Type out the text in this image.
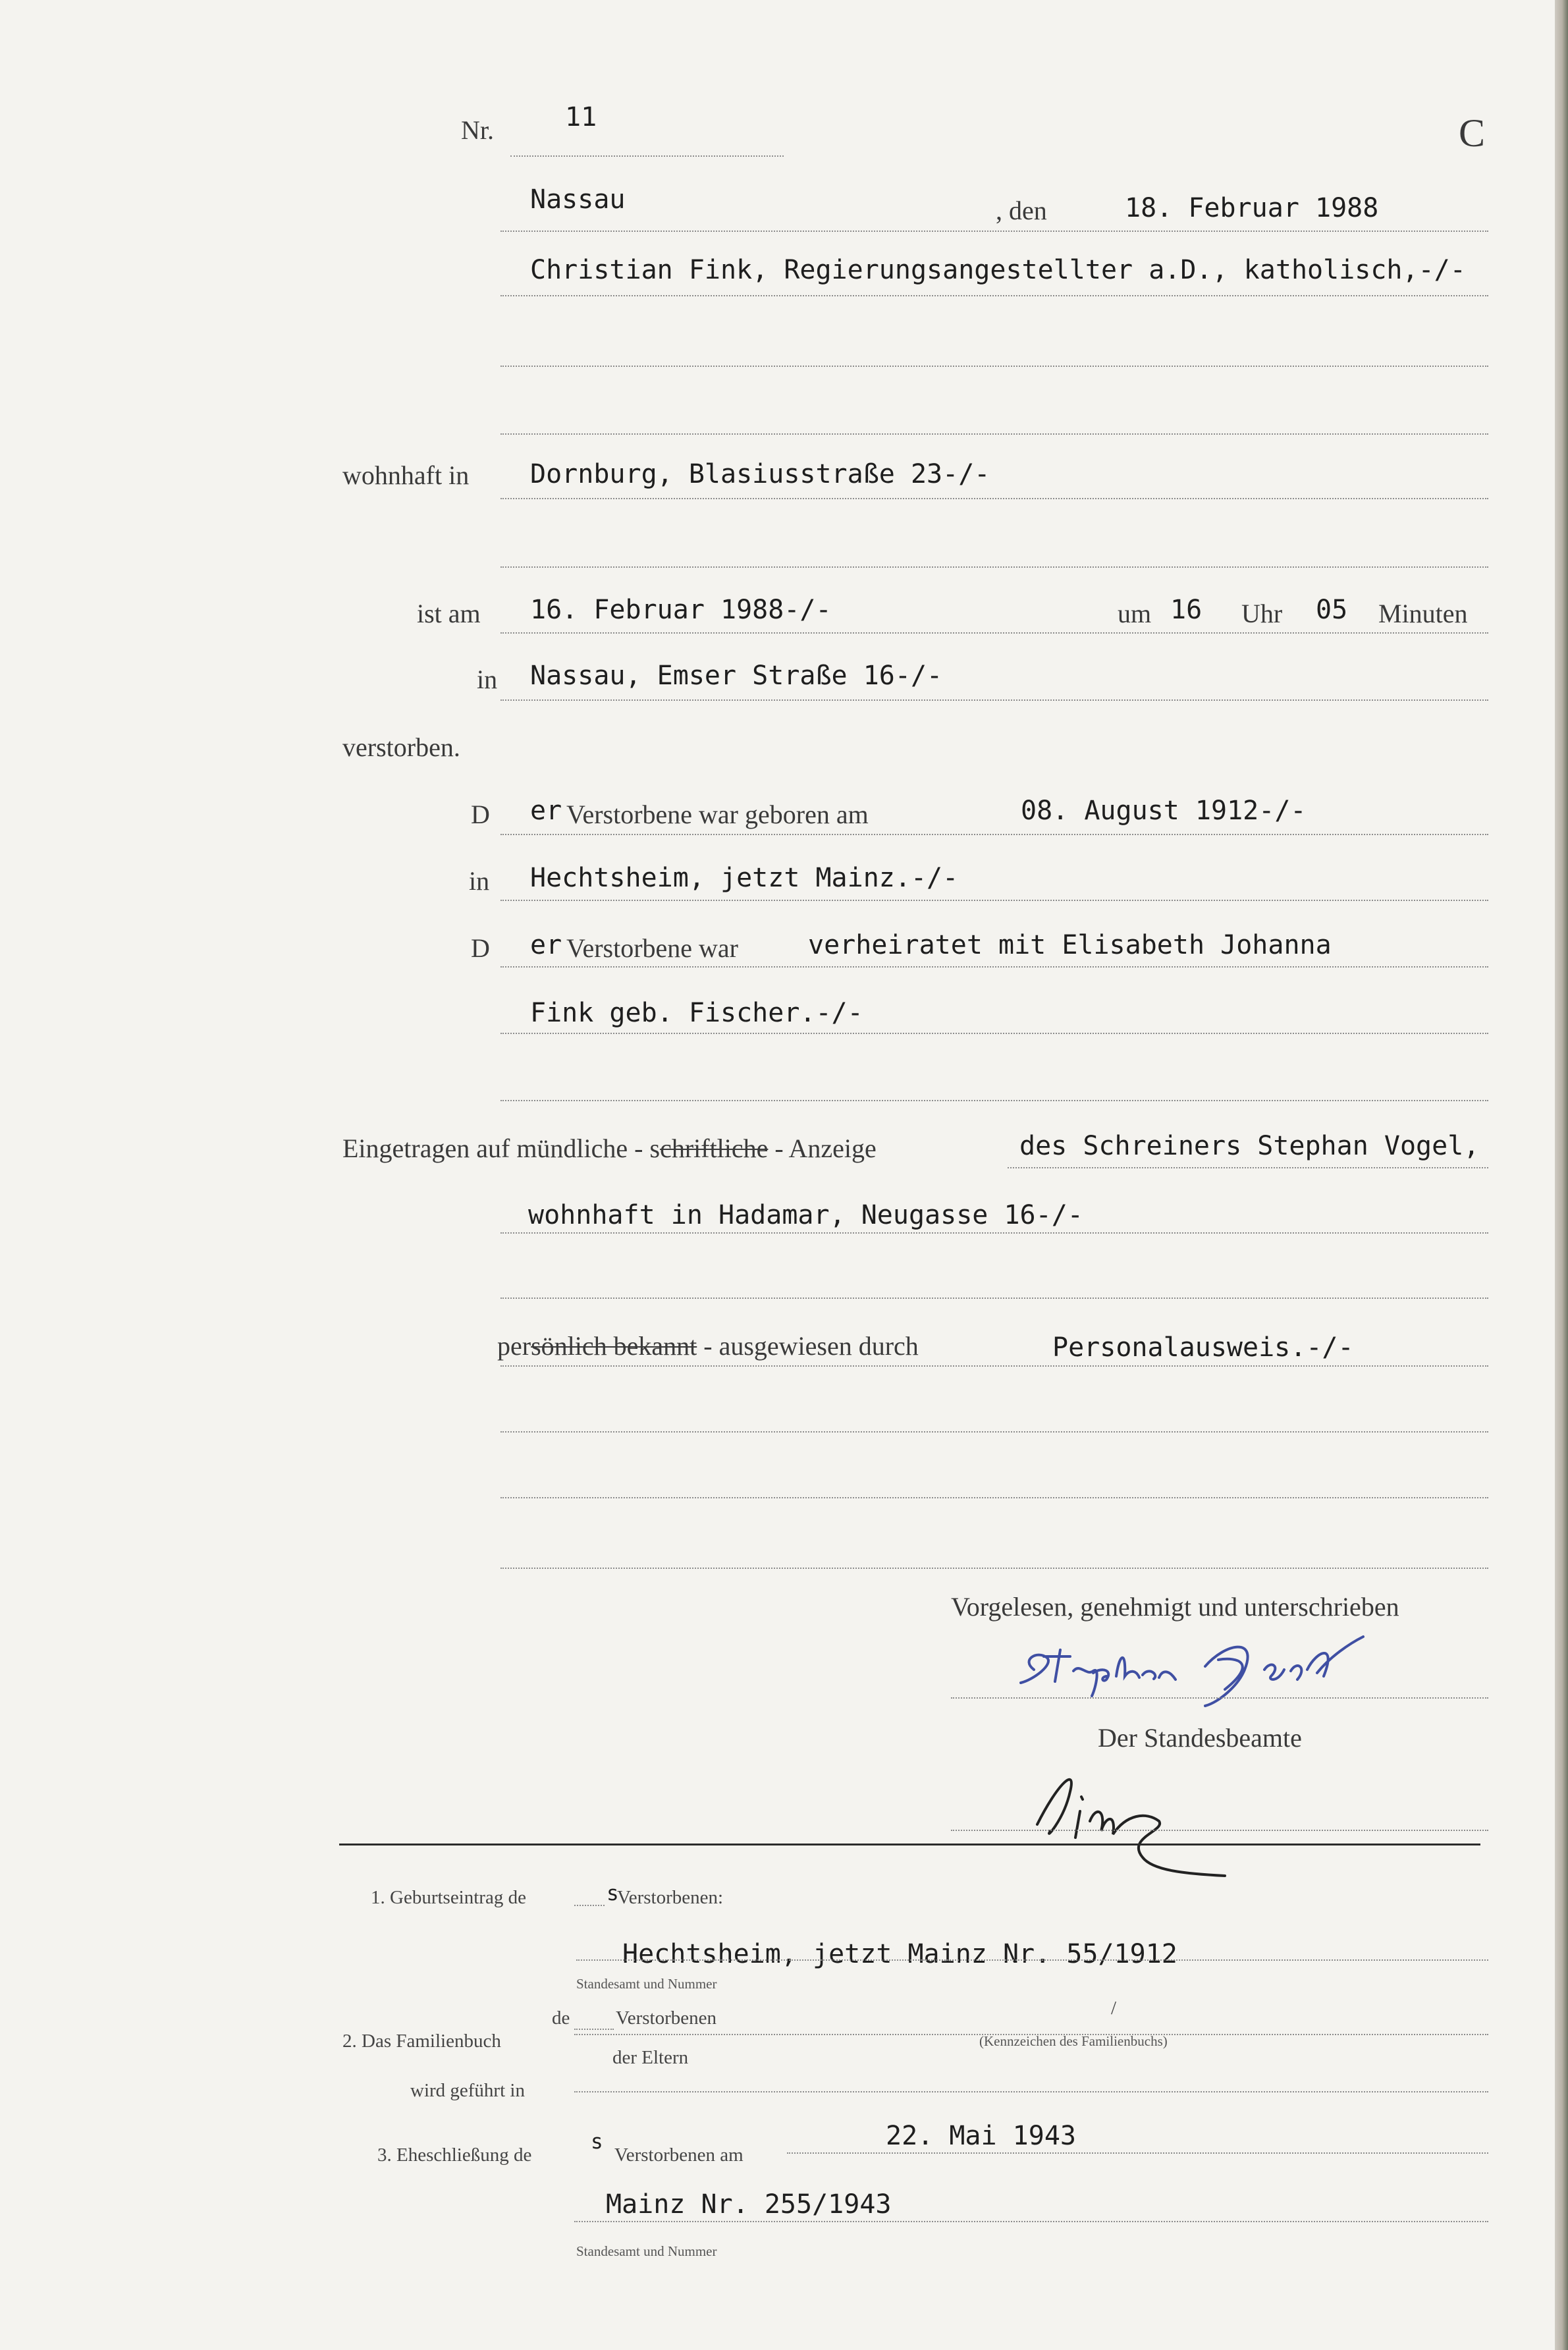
Nr.	11	C
Nassau	, den	18. Februar 1988
Christian Fink, Regierungsangestellter a.D., katholisch,-/-
wohnhaft in Dornburg, Blasiusstraße 23-/-
ist am 16. Februar 1988-/-	um 16 Uhr 05 Minuten
in Nassau, Emser Straße 16-/-
verstorben.
D er Verstorbene war geboren am	08. August 1912-/-
in Hechtsheim, jetzt Mainz.-/-
D er Verstorbene war	verheiratet mit Elisabeth Johanna
Fink geb. Fischer.-/-
Eingetragen auf mündliche - schriftliche - Anzeige	des Schreiners Stephan Vogel,
wohnhaft in Hadamar, Neugasse 16-/-
persönlich bekannt - ausgewiesen durch	Personalausweis.-/-
Vorgelesen, genehmigt und unterschrieben
Der Standesbeamte
1. Geburtseintrag de	s
Verstorbenen:
Hechtsheim, jetzt Mainz Nr. 55/1912
Standesamt und Nummer
2. Das Familienbuch
de Verstorbenen	/
der Eltern
(Kennzeichen des Familienbuchs)
wird geführt in
3. Eheschließung de
s
Verstorbenen am
22. Mai 1943
Mainz Nr. 255/1943
Standesamt und Nummer
